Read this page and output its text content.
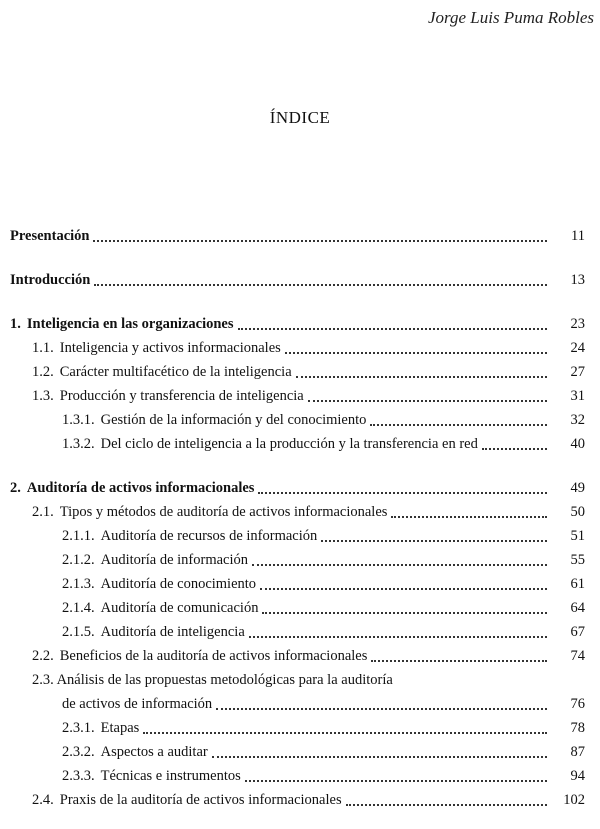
Jorge Luis Puma Robles
ÍNDICE
Presentación	11
Introducción	13
1. Inteligencia en las organizaciones	23
1.1. Inteligencia y activos informacionales	24
1.2. Carácter multifacético de la inteligencia	27
1.3. Producción y transferencia de inteligencia	31
1.3.1. Gestión de la información y del conocimiento	32
1.3.2. Del ciclo de inteligencia a la producción y la transferencia en red	40
2. Auditoría de activos informacionales	49
2.1. Tipos y métodos de auditoría de activos informacionales	50
2.1.1. Auditoría de recursos de información	51
2.1.2. Auditoría de información	55
2.1.3. Auditoría de conocimiento	61
2.1.4. Auditoría de comunicación	64
2.1.5. Auditoría de inteligencia	67
2.2. Beneficios de la auditoría de activos informacionales	74
2.3. Análisis de las propuestas metodológicas para la auditoría
de activos de información	76
2.3.1. Etapas	78
2.3.2. Aspectos a auditar	87
2.3.3. Técnicas e instrumentos	94
2.4. Praxis de la auditoría de activos informacionales	102
